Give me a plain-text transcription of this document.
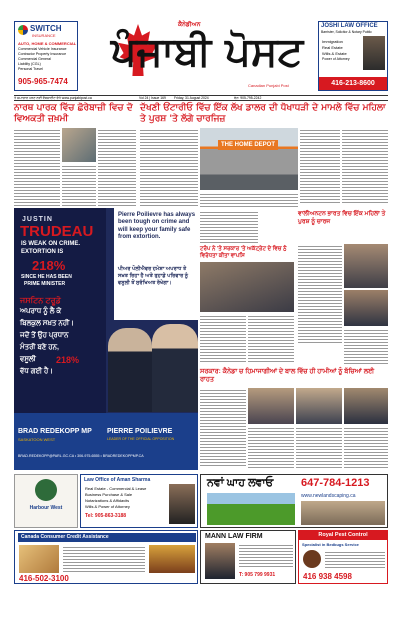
SWITCH
INSURANCE
AUTO, HOME & COMMERCIAL
Commercial Vehicle Insurance
Contractor Property Insurance
Commercial General
Liability (CGL)
Personal Travel
905-965-7474
ਪੰਜਾਬੀ ਪੋਸਟ
ਕੈਨੇਡੀਅਨ
Canadian Punjabi Post
JOSHI LAW OFFICE
Barrister, Solicitor & Notary Public
Immigration
Real Estate
Wills & Estate
Power of Attorney
416-213-8600
ਤੇ ਸਮਾਚਾਰ ਪੜਣ ਲਈ ਵੈਬਸਾਈਟ ਵੇਖੋ www.punjabipost.ca	Vol 24 | Issue 169 Friday, 31 August 2024	ਫੋਨ: 905-795-2242
ਨਾਰਥ ਪਾਰਕ ਵਿੱਚ ਛੋਰੇਬਾਜ਼ੀ ਵਿਚ ਦੋ ਵਿਅਕਤੀ ਜ਼ਖ਼ਮੀ
ਦੱਖਣੀ ਓਂਟਾਰੀਓ ਵਿੱਚ ਇੱਕ ਲੱਖ ਡਾਲਰ ਦੀ ਧੋਖਾਧੜੀ ਦੇ ਮਾਮਲੇ ਵਿੱਚ ਮਹਿਲਾ ਤੇ ਪੁਰਸ਼ 'ਤੇ ਲੱਗੇ ਚਾਰਜਿਜ਼
THE HOME DEPOT
JUSTIN
TRUDEAU
IS WEAK ON CRIME.
EXTORTION IS
218%
SINCE HE HAS BEEN
PRIME MINISTER
ਜਸਟਿਨ ਟਰੂਡੋ
ਅਪਰਾਧ ਨੂੰ ਲੈ ਕੇ
ਬਿਲਕੁਲ ਸਖ਼ਤ ਨਹੀਂ।
ਜਦੋਂ ਤੋਂ ਉਹ ਪ੍ਰਧਾਨ
ਮੰਤਰੀ ਬਣੇ ਹਨ,
ਵਸੂਲੀ 218%
ਵੱਧ ਗਈ ਹੈ।
Pierre Poilievre has always been tough on crime and will keep your family safe from extortion.
ਪੀਅਰ ਪੋਲੀਐਵਰ ਹਮੇਸ਼ਾ ਅਪਰਾਧ ਤੇ ਸਖ਼ਤ ਰਿਹਾ ਹੈ ਅਤੇ ਤੁਹਾਡੇ ਪਰਿਵਾਰ ਨੂੰ ਵਸੂਲੀ ਤੋਂ ਸੁਰੱਖਿਅਤ ਰੱਖੇਗਾ।
BRAD REDEKOPP MP
SASKATOON WEST
PIERRE POILIEVRE
LEADER OF THE OFFICIAL OPPOSITION
BRAD.REDEKOPP@PARL.GC.CA • 306-975-6555 • BRADREDEKOPPMP.CA
ਟਰੰਪ ਨੇ 'ਤੇ ਸਰਕਾਰ 'ਤੇ ਅਕੱਟ੍ਰੇਟ ਦੇ ਵਿਚ ਨੁੰ ਵਿਰੋਧਤਾ ਕੀਤਾ ਵਾਪਸਿ
ਵਾਲੀਅਨਟਨ ਭਾਰਤ ਵਿਚ ਇੱਕ ਮਹਿਲਾ ਤੇ ਪੁਰਸ਼ ਨੂੰ ਚਾਰਜ
ਸਰਕਾਰ: ਕੈਨੇਡਾ ਚ ਹਿਮਾਜਾਗੀਆਂ ਦੇ ਬਾਲ ਵਿੱਚ ਹੀ ਹਾਮੀਆਂ ਨੂੰ ਬੱਚਿਆਂ ਲਈ ਰਾਹਤ
Harbour West
Law Office of Aman Sharma
Real Estate - Commercial & Lease
Business Purchase & Sale
Notarizations & Affidavits
Wills & Power of Attorney
Tel: 905-863-3188
ਨਵਾਂ ਘਾਹ ਲਵਾਓ	647-784-1213
www.newlandscaping.ca
Canada Consumer Credit Assistance
416-502-3100
MANN LAW FIRM
T: 905 799 9931
Royal Pest Control
Specialist in Bedbugs Service
416 938 4598
